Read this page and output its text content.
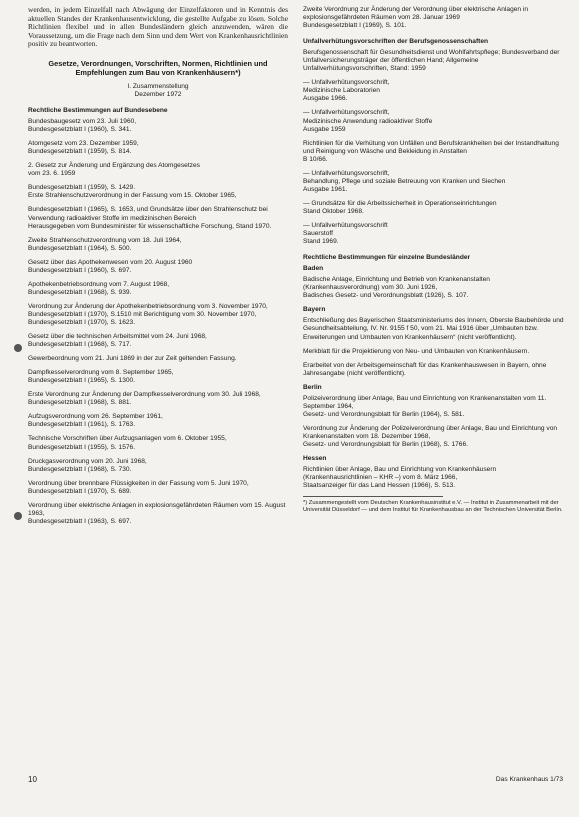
werden, in jedem Einzelfall nach Abwägung der Einzelfaktoren und in Kenntnis des aktuellen Standes der Krankenhausentwicklung, die gestellte Aufgabe zu lösen. Solche Richtlinien flexibel und in allen Bundesländern gleich anzuwenden, wären die Voraussetzung, um die Frage nach dem Sinn und dem Wert von Krankenhausrichtlinien positiv zu beantworten.

Gesetze, Verordnungen, Vorschriften, Normen, Richtlinien und Empfehlungen zum Bau von Krankenhäusern*)
I. Zusammenstellung
Dezember 1972
Rechtliche Bestimmungen auf Bundesebene
Bundesbaugesetz vom 23. Juli 1960,
Bundesgesetzblatt I (1960), S. 341.
Atomgesetz vom 23. Dezember 1959,
Bundesgesetzblatt I (1959), S. 814.
2. Gesetz zur Änderung und Ergänzung des Atomgesetzes
vom 23. 6. 1959
Bundesgesetzblatt I (1959), S. 1429.
Erste Strahlenschutzverordnung in der Fassung vom 15. Oktober 1965,
Bundesgesetzblatt I (1965), S. 1653, und Grundsätze über den Strahlenschutz bei Verwendung radioaktiver Stoffe im medizinischen Bereich
Herausgegeben vom Bundesminister für wissenschaftliche Forschung, Stand 1970.
Zweite Strahlenschutzverordnung vom 18. Juli 1964,
Bundesgesetzblatt I (1964), S. 500.
Gesetz über das Apothekenwesen vom 20. August 1960
Bundesgesetzblatt I (1960), S. 697.
Apothekenbetriebsordnung vom 7. August 1968,
Bundesgesetzblatt I (1968), S. 939.
Verordnung zur Änderung der Apothekenbetriebsordnung vom 3. November 1970,
Bundesgesetzblatt I (1970), S.1510 mit Berichtigung vom 30. November 1970, Bundesgesetzblatt I (1970), S. 1623.
Gesetz über die technischen Arbeitsmittel vom 24. Juni 1968,
Bundesgesetzblatt I (1968), S. 717.
Gewerbeordnung vom 21. Juni 1869 in der zur Zeit geltenden Fassung.
Dampfkesselverordnung vom 8. September 1965,
Bundesgesetzblatt I (1965), S. 1300.
Erste Verordnung zur Änderung der Dampfkesselverordnung vom 30. Juli 1968,
Bundesgesetzblatt I (1968), S. 881.
Aufzugsverordnung vom 26. September 1961,
Bundesgesetzblatt I (1961), S. 1763.
Technische Vorschriften über Aufzugsanlagen vom 6. Oktober 1955,
Bundesgesetzblatt I (1955), S. 1576.
Druckgasverordnung vom 20. Juni 1968,
Bundesgesetzblatt I (1968), S. 730.
Verordnung über brennbare Flüssigkeiten in der Fassung vom 5. Juni 1970,
Bundesgesetzblatt I (1970), S. 689.
Verordnung über elektrische Anlagen in explosionsgefährdeten Räumen vom 15. August 1963,
Bundesgesetzblatt I (1963), S. 697.
Zweite Verordnung zur Änderung der Verordnung über elektrische Anlagen in explosionsgefährdeten Räumen vom 28. Januar 1969
Bundesgesetzblatt I (1969), S. 101.
Unfallverhütungsvorschriften der Berufsgenossenschaften
Berufsgenossenschaft für Gesundheitsdienst und Wohlfahrtspflege; Bundesverband der Unfallversicherungsträger der öffentlichen Hand; Allgemeine Unfallverhütungsvorschriften, Stand: 1959
— Unfallverhütungsvorschrift,
Medizinische Laboratorien
Ausgabe 1966.
— Unfallverhütungsvorschrift,
Medizinische Anwendung radioaktiver Stoffe
Ausgabe 1959
Richtlinien für die Verhütung von Unfällen und Berufskrankheiten bei der Instandhaltung und Reinigung von Wäsche und Bekleidung in Anstalten
B 10/66.
— Unfallverhütungsvorschrift,
Behandlung, Pflege und soziale Betreuung von Kranken und Siechen
Ausgabe 1961.
— Grundsätze für die Arbeitssicherheit in Operationseinrichtungen
Stand Oktober 1968.
— Unfallverhütungsvorschrift
Sauerstoff
Stand 1969.
Rechtliche Bestimmungen für einzelne Bundesländer
Baden
Badische Anlage, Einrichtung und Betrieb von Krankenanstalten (Krankenhausverordnung) vom 30. Juni 1926,
Badisches Gesetz- und Verordnungsblatt (1926), S. 107.
Bayern
Entschließung des Bayerischen Staatsministeriums des Innern, Oberste Baubehörde und Gesundheitsabteilung, IV. Nr. 9155 f 50, vom 21. Mai 1916 über „Umbauten bzw. Erweiterungen und Umbauten von Krankenhäusern“ (nicht veröffentlicht).
Merkblatt für die Projektierung von Neu- und Umbauten von Krankenhäusern.
Erarbeitet von der Arbeitsgemeinschaft für das Krankenhauswesen in Bayern, ohne Jahresangabe (nicht veröffentlicht).
Berlin
Polizeiverordnung über Anlage, Bau und Einrichtung von Krankenanstalten vom 11. September 1964,
Gesetz- und Verordnungsblatt für Berlin (1964), S. 581.
Verordnung zur Änderung der Polizeiverordnung über Anlage, Bau und Einrichtung von Krankenanstalten vom 18. Dezember 1968,
Gesetz- und Verordnungsblatt für Berlin (1968), S. 1766.
Hessen
Richtlinien über Anlage, Bau und Einrichtung von Krankenhäusern (Krankenhausrichtlinien – KHR –) vom 8. März 1966,
Staatsanzeiger für das Land Hessen (1966), S. 513.
*) Zusammengestellt vom Deutschen Krankenhausinstitut e.V. — Institut in Zusammenarbeit mit der Universität Düsseldorf — und dem Institut für Krankenhausbau an der Technischen Universität Berlin.
10	Das Krankenhaus 1/73
